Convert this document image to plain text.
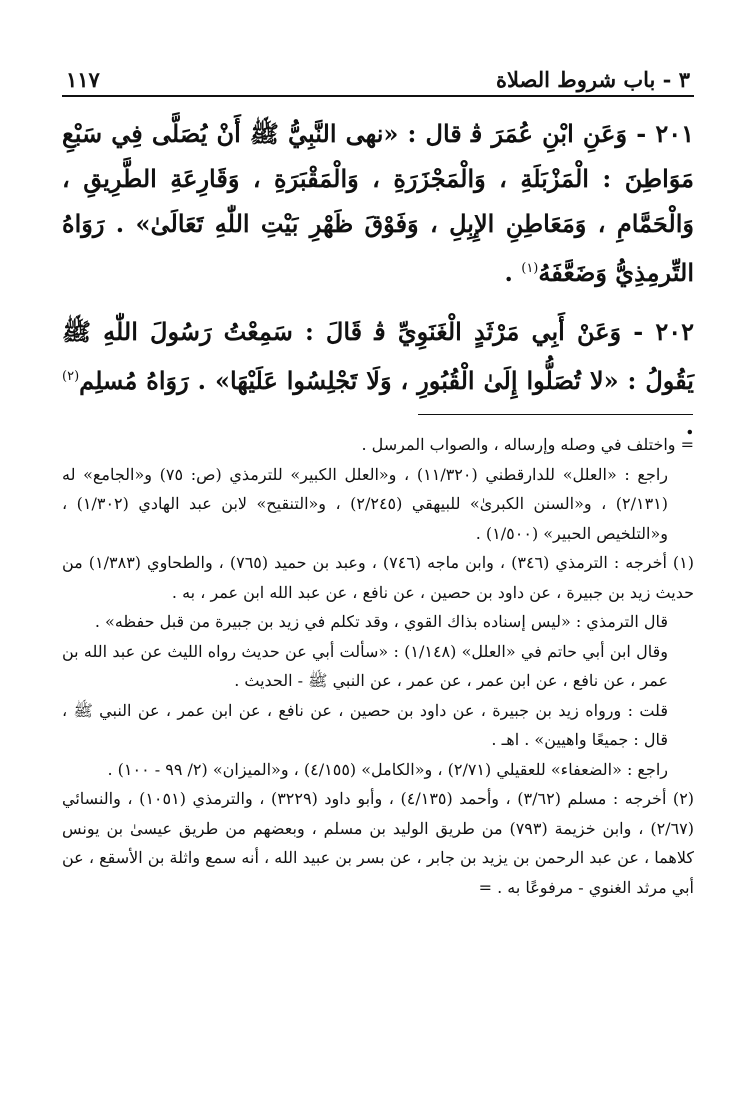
١١٧	٣ - باب شروط الصلاة

٢٠١ - وَعَنِ ابْنِ عُمَرَ ﭬ قال : «نهى النَّبِيُّ ﷺ أَنْ يُصَلَّى فِي سَبْعِ مَوَاطِنَ : الْمَزْبَلَةِ ، وَالْمَجْزَرَةِ ، وَالْمَقْبَرَةِ ، وَقَارِعَةِ الطَّرِيقِ ، وَالْحَمَّامِ ، وَمَعَاطِنِ الإِبِلِ ، وَفَوْقَ ظَهْرِ بَيْتِ اللّٰهِ تَعَالَىٰ» . رَوَاهُ التِّرمِذِيُّ وَضَعَّفَهُ$^{(١)}$ .

٢٠٢ - وَعَنْ أَبِي مَرْثَدٍ الْغَنَوِيِّ ﭬ قَالَ : سَمِعْتُ رَسُولَ اللّٰهِ ﷺ يَقُولُ : «لا تُصَلُّوا إِلَىٰ الْقُبُورِ ، وَلَا تَجْلِسُوا عَلَيْهَا» . رَوَاهُ مُسلِم$^{(٢)}$ .

= واختلف في وصله وإرساله ، والصواب المرسل .

راجع : «العلل» للدارقطني (١١/٣٢٠) ، و«العلل الكبير» للترمذي (ص: ٧٥) و«الجامع» له (٢/١٣١) ، و«السنن الكبرىٰ» للبيهقي (٢/٢٤٥) ، و«التنقيح» لابن عبد الهادي (١/٣٠٢) ، و«التلخيص الحبير» (١/٥٠٠) .

(١) أخرجه : الترمذي (٣٤٦) ، وابن ماجه (٧٤٦) ، وعبد بن حميد (٧٦٥) ، والطحاوي (١/٣٨٣) من حديث زيد بن جبيرة ، عن داود بن حصين ، عن نافع ، عن عبد الله ابن عمر ، به .

قال الترمذي : «ليس إسناده بذاك القوي ، وقد تكلم في زيد بن جبيرة من قبل حفظه» .

وقال ابن أبي حاتم في «العلل» (١/١٤٨) : «سألت أبي عن حديث رواه الليث عن عبد الله بن عمر ، عن نافع ، عن ابن عمر ، عن عمر ، عن النبي ﷺ - الحديث .

قلت : ورواه زيد بن جبيرة ، عن داود بن حصين ، عن نافع ، عن ابن عمر ، عن النبي ﷺ ، قال : جميعًا واهيين» . اهـ .

راجع : «الضعفاء» للعقيلي (٢/٧١) ، و«الكامل» (٤/١٥٥) ، و«الميزان» (٢/ ٩٩ - ١٠٠) .

(٢) أخرجه : مسلم (٣/٦٢) ، وأحمد (٤/١٣٥) ، وأبو داود (٣٢٢٩) ، والترمذي (١٠٥١) ، والنسائي (٢/٦٧) ، وابن خزيمة (٧٩٣) من طريق الوليد بن مسلم ، وبعضهم من طريق عيسىٰ بن يونس كلاهما ، عن عبد الرحمن بن يزيد بن جابر ، عن بسر بن عبيد الله ، أنه سمع واثلة بن الأسقع ، عن أبي مرثد الغنوي - مرفوعًا به . =
